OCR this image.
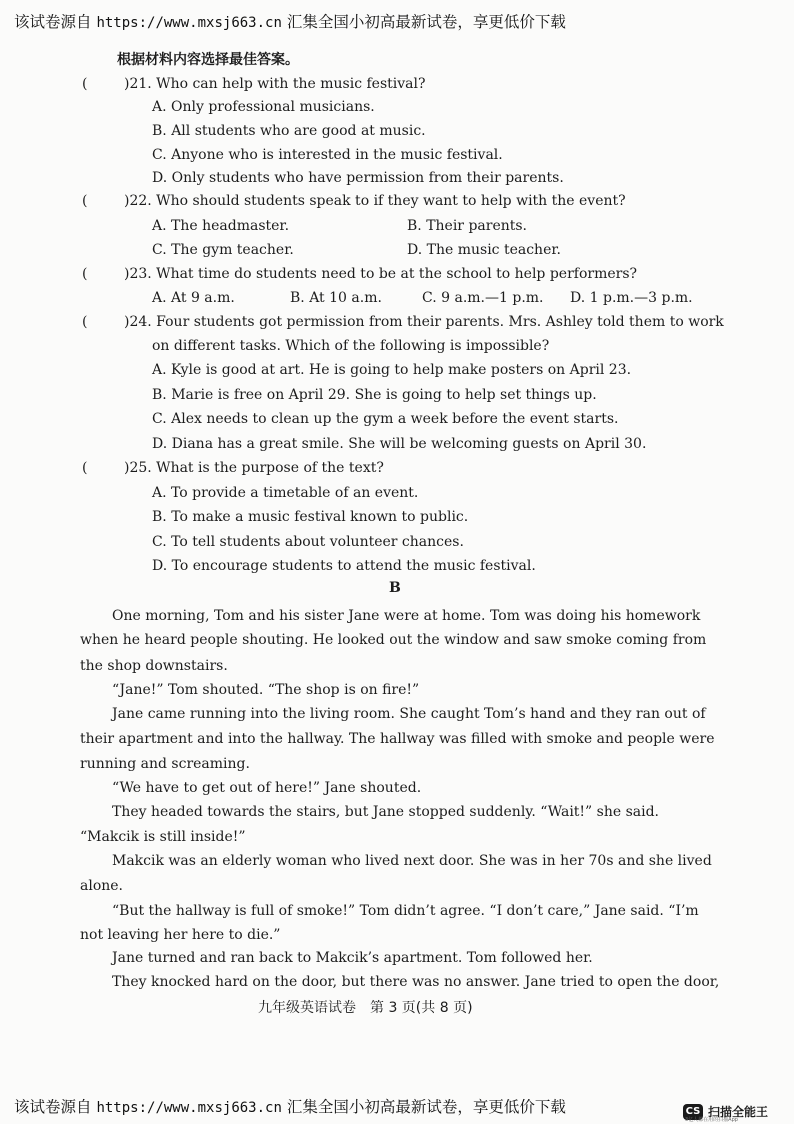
该试卷源自 https://www.mxsj663.cn 汇集全国小初高最新试卷，享更低价下载
根据材料内容选择最佳答案。
(	)21. Who can help with the music festival?
A. Only professional musicians.
B. All students who are good at music.
C. Anyone who is interested in the music festival.
D. Only students who have permission from their parents.
(	)22. Who should students speak to if they want to help with the event?
A. The headmaster.	B. Their parents.
C. The gym teacher.	D. The music teacher.
(	)23. What time do students need to be at the school to help performers?
A. At 9 a.m.	B. At 10 a.m.	C. 9 a.m.—1 p.m. D. 1 p.m.—3 p.m.
(	)24. Four students got permission from their parents. Mrs. Ashley told them to work
on different tasks. Which of the following is impossible?
A. Kyle is good at art. He is going to help make posters on April 23.
B. Marie is free on April 29. She is going to help set things up.
C. Alex needs to clean up the gym a week before the event starts.
D. Diana has a great smile. She will be welcoming guests on April 30.
(	)25. What is the purpose of the text?
A. To provide a timetable of an event.
B. To make a music festival known to public.
C. To tell students about volunteer chances.
D. To encourage students to attend the music festival.
B
One morning, Tom and his sister Jane were at home. Tom was doing his homework
when he heard people shouting. He looked out the window and saw smoke coming from
the shop downstairs.
“Jane!” Tom shouted. “The shop is on fire!”
Jane came running into the living room. She caught Tom’s hand and they ran out of
their apartment and into the hallway. The hallway was filled with smoke and people were
running and screaming.
“We have to get out of here!” Jane shouted.
They headed towards the stairs, but Jane stopped suddenly. “Wait!” she said.
“Makcik is still inside!”
Makcik was an elderly woman who lived next door. She was in her 70s and she lived
alone.
“But the hallway is full of smoke!” Tom didn’t agree. “I don’t care,” Jane said. “I’m
not leaving her here to die.”
Jane turned and ran back to Makcik’s apartment. Tom followed her.
They knocked hard on the door, but there was no answer. Jane tried to open the door,
九年级英语试卷　第 3 页(共 8 页)
该试卷源自 https://www.mxsj663.cn 汇集全国小初高最新试卷，享更低价下载	CS 扫描全能王
3亿人都在用的扫描App
